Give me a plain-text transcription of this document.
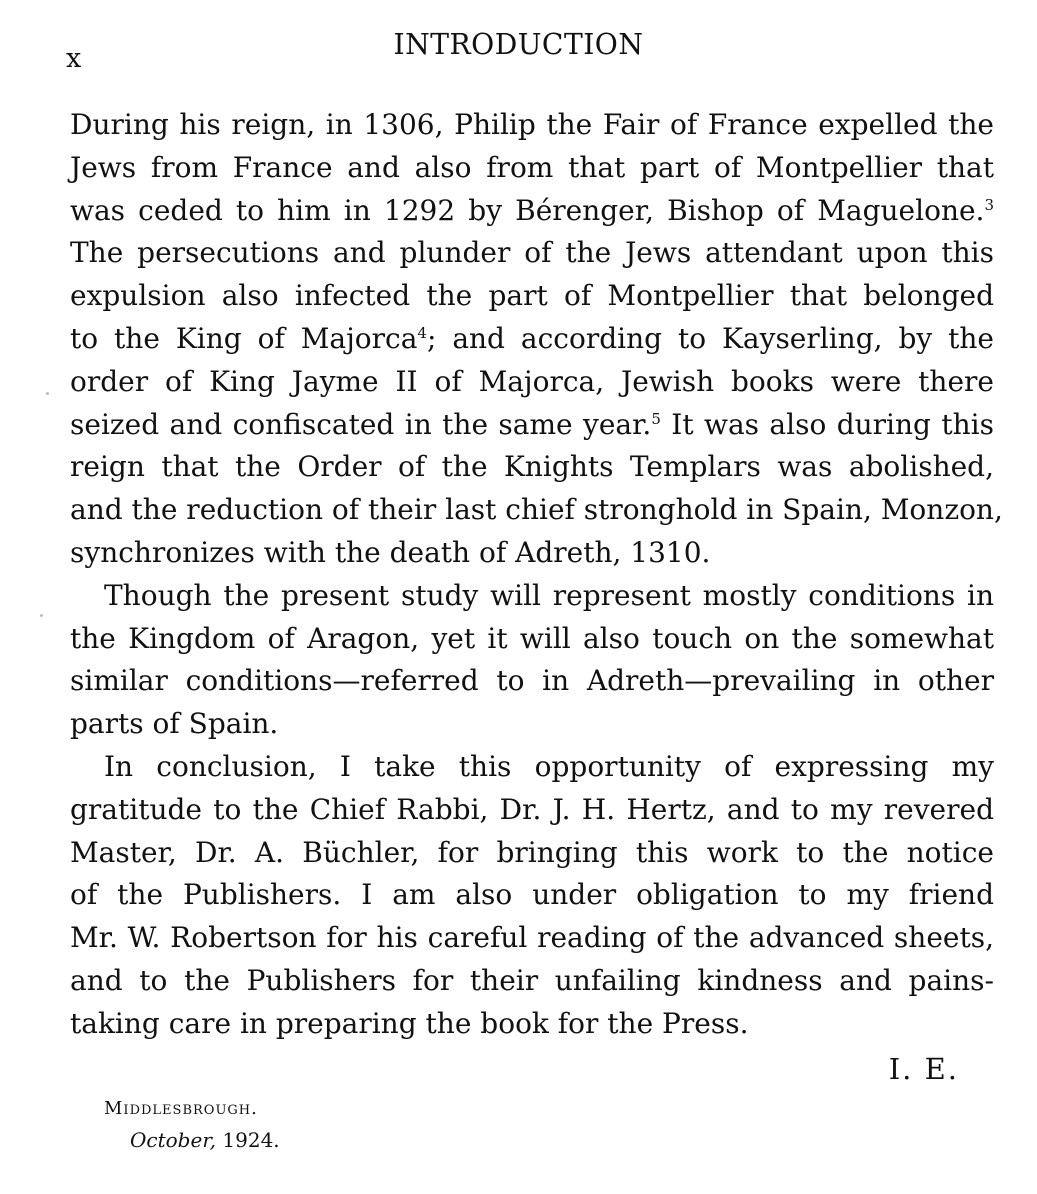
x	INTRODUCTION
During his reign, in 1306, Philip the Fair of France expelled the
Jews from France and also from that part of Montpellier that
was ceded to him in 1292 by Bérenger, Bishop of Maguelone.$^3$
The persecutions and plunder of the Jews attendant upon this
expulsion also infected the part of Montpellier that belonged
to the King of Majorca$^4$; and according to Kayserling, by the
order of King Jayme II of Majorca, Jewish books were there
seized and confiscated in the same year.$^5$ It was also during this
reign that the Order of the Knights Templars was abolished,
and the reduction of their last chief stronghold in Spain, Monzon,
synchronizes with the death of Adreth, 1310.
Though the present study will represent mostly conditions in
the Kingdom of Aragon, yet it will also touch on the somewhat
similar conditions—referred to in Adreth—prevailing in other
parts of Spain.
In conclusion, I take this opportunity of expressing my
gratitude to the Chief Rabbi, Dr. J. H. Hertz, and to my revered
Master, Dr. A. Büchler, for bringing this work to the notice
of the Publishers. I am also under obligation to my friend
Mr. W. Robertson for his careful reading of the advanced sheets,
and to the Publishers for their unfailing kindness and pains-
taking care in preparing the book for the Press.
I. E.
Middlesbrough.
October, 1924.
